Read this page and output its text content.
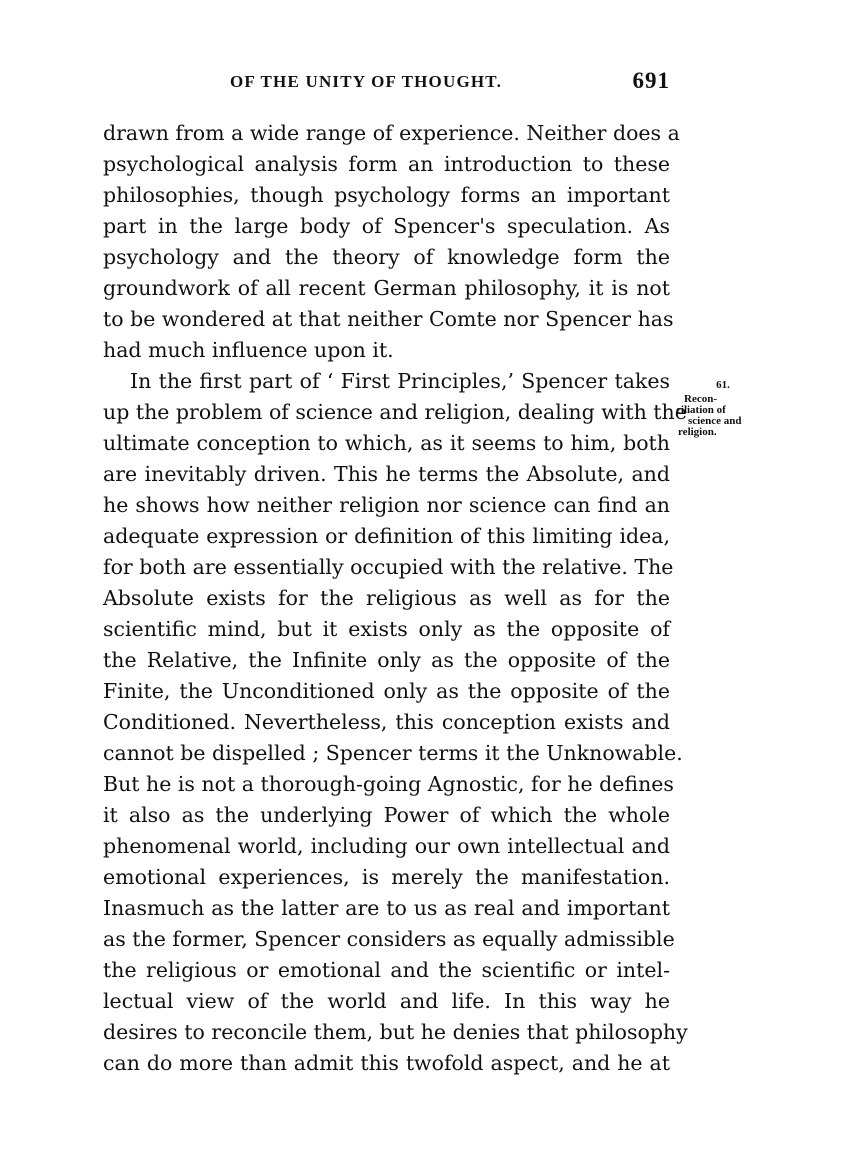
OF THE UNITY OF THOUGHT.	691
drawn from a wide range of experience. Neither does a
psychological analysis form an introduction to these
philosophies, though psychology forms an important
part in the large body of Spencer's speculation. As
psychology and the theory of knowledge form the
groundwork of all recent German philosophy, it is not
to be wondered at that neither Comte nor Spencer has
had much influence upon it.
In the first part of ‘ First Principles,’ Spencer takes
up the problem of science and religion, dealing with the
ultimate conception to which, as it seems to him, both
are inevitably driven. This he terms the Absolute, and
he shows how neither religion nor science can find an
adequate expression or definition of this limiting idea,
for both are essentially occupied with the relative. The
Absolute exists for the religious as well as for the
scientific mind, but it exists only as the opposite of
the Relative, the Infinite only as the opposite of the
Finite, the Unconditioned only as the opposite of the
Conditioned. Nevertheless, this conception exists and
cannot be dispelled ; Spencer terms it the Unknowable.
But he is not a thorough-going Agnostic, for he defines
it also as the underlying Power of which the whole
phenomenal world, including our own intellectual and
emotional experiences, is merely the manifestation.
Inasmuch as the latter are to us as real and important
as the former, Spencer considers as equally admissible
the religious or emotional and the scientific or intel-
lectual view of the world and life. In this way he
desires to reconcile them, but he denies that philosophy
can do more than admit this twofold aspect, and he at
61.
Recon-
ciliation of
science and
religion.
